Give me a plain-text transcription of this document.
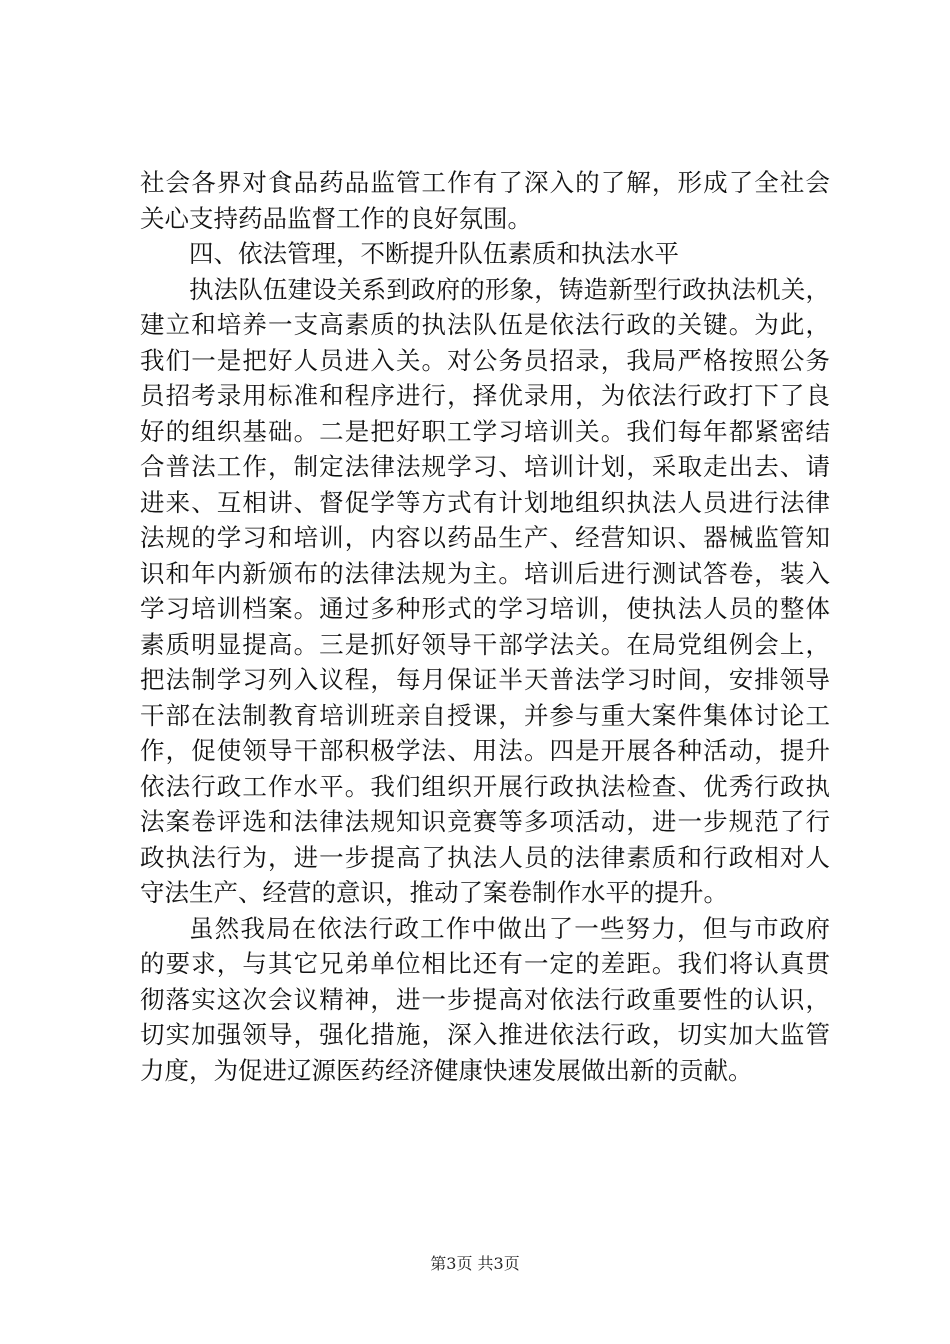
社会各界对食品药品监管工作有了深入的了解，形成了全社会
关心支持药品监督工作的良好氛围。
四、依法管理，不断提升队伍素质和执法水平
执法队伍建设关系到政府的形象，铸造新型行政执法机关，
建立和培养一支高素质的执法队伍是依法行政的关键。为此，
我们一是把好人员进入关。对公务员招录，我局严格按照公务
员招考录用标准和程序进行，择优录用，为依法行政打下了良
好的组织基础。二是把好职工学习培训关。我们每年都紧密结
合普法工作，制定法律法规学习、培训计划，采取走出去、请
进来、互相讲、督促学等方式有计划地组织执法人员进行法律
法规的学习和培训，内容以药品生产、经营知识、器械监管知
识和年内新颁布的法律法规为主。培训后进行测试答卷，装入
学习培训档案。通过多种形式的学习培训，使执法人员的整体
素质明显提高。三是抓好领导干部学法关。在局党组例会上，
把法制学习列入议程，每月保证半天普法学习时间，安排领导
干部在法制教育培训班亲自授课，并参与重大案件集体讨论工
作，促使领导干部积极学法、用法。四是开展各种活动，提升
依法行政工作水平。我们组织开展行政执法检查、优秀行政执
法案卷评选和法律法规知识竞赛等多项活动，进一步规范了行
政执法行为，进一步提高了执法人员的法律素质和行政相对人
守法生产、经营的意识，推动了案卷制作水平的提升。
虽然我局在依法行政工作中做出了一些努力，但与市政府
的要求，与其它兄弟单位相比还有一定的差距。我们将认真贯
彻落实这次会议精神，进一步提高对依法行政重要性的认识，
切实加强领导，强化措施，深入推进依法行政，切实加大监管
力度，为促进辽源医药经济健康快速发展做出新的贡献。
第3页 共3页
